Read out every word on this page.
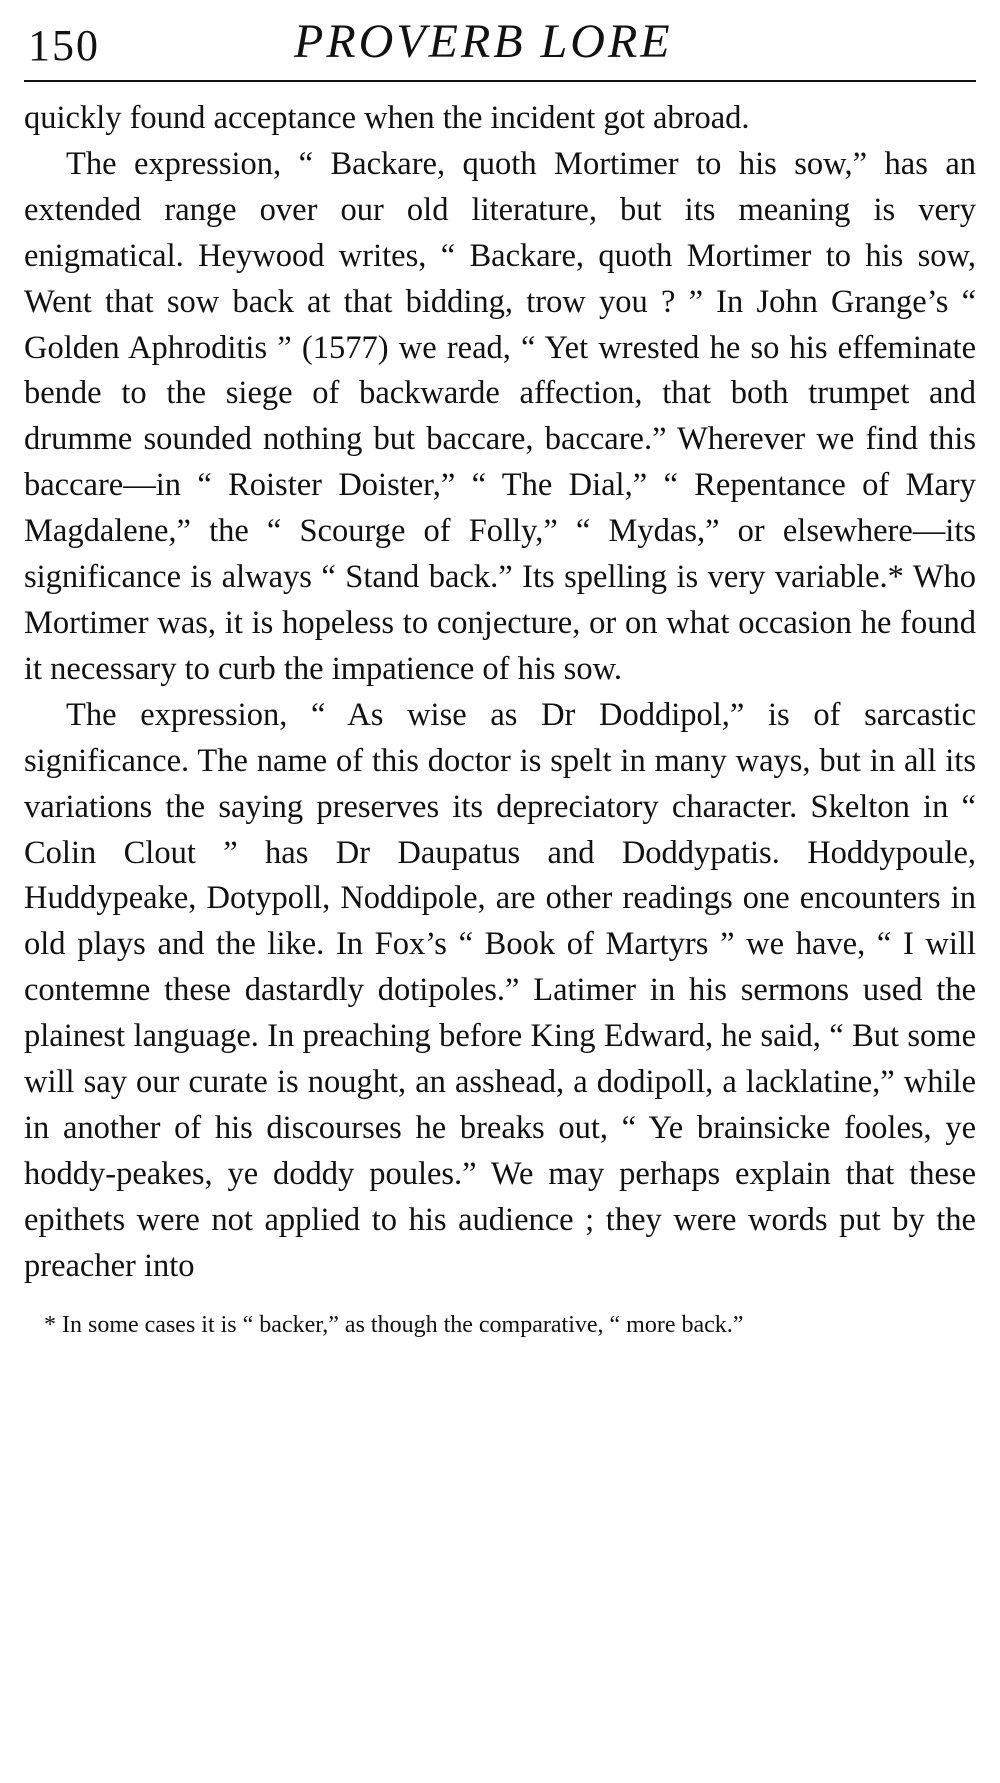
150	PROVERB LORE

quickly found acceptance when the incident got abroad.

The expression, “ Backare, quoth Mortimer to his sow,” has an extended range over our old literature, but its meaning is very enigmatical. Heywood writes, “ Backare, quoth Mortimer to his sow, Went that sow back at that bidding, trow you ? ” In John Grange’s “ Golden Aphroditis ” (1577) we read, “ Yet wrested he so his effeminate bende to the siege of backwarde affection, that both trumpet and drumme sounded nothing but baccare, baccare.” Wherever we find this baccare—in “ Roister Doister,” “ The Dial,” “ Repentance of Mary Magdalene,” the “ Scourge of Folly,” “ Mydas,” or elsewhere—its significance is always “ Stand back.” Its spelling is very variable.* Who Mortimer was, it is hopeless to conjecture, or on what occasion he found it necessary to curb the impatience of his sow.

The expression, “ As wise as Dr Doddipol,” is of sarcastic significance. The name of this doctor is spelt in many ways, but in all its variations the saying preserves its depreciatory character. Skelton in “ Colin Clout ” has Dr Daupatus and Doddypatis. Hoddypoule, Huddypeake, Dotypoll, Noddipole, are other readings one encounters in old plays and the like. In Fox’s “ Book of Martyrs ” we have, “ I will contemne these dastardly dotipoles.” Latimer in his sermons used the plainest language. In preaching before King Edward, he said, “ But some will say our curate is nought, an asshead, a dodipoll, a lacklatine,” while in another of his discourses he breaks out, “ Ye brainsicke fooles, ye hoddy-peakes, ye doddy poules.” We may perhaps explain that these epithets were not applied to his audience ; they were words put by the preacher into

* In some cases it is “ backer,” as though the comparative, “ more back.”
